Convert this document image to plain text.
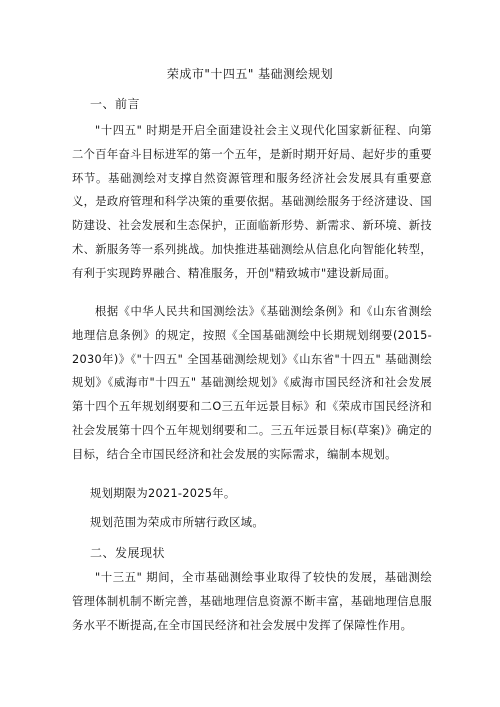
荣成市"十四五" 基础测绘规划
一、前言

"十四五" 时期是开启全面建设社会主义现代化国家新征程、向第二个百年奋斗目标进军的第一个五年，是新时期开好局、起好步的重要环节。基础测绘对支撑自然资源管理和服务经济社会发展具有重要意义，是政府管理和科学决策的重要依据。基础测绘服务于经济建设、国防建设、社会发展和生态保护，正面临新形势、新需求、新环境、新技术、新服务等一系列挑战。加快推进基础测绘从信息化向智能化转型，有利于实现跨界融合、精准服务，开创"精致城市"建设新局面。

根据《中华人民共和国测绘法》《基础测绘条例》和《山东省测绘地理信息条例》的规定，按照《全国基础测绘中长期规划纲要(2015-2030年)》《"十四五" 全国基础测绘规划》《山东省"十四五" 基础测绘规划》《威海市"十四五" 基础测绘规划》《威海市国民经济和社会发展第十四个五年规划纲要和二O三五年远景目标》和《荣成市国民经济和社会发展第十四个五年规划纲要和二。三五年远景目标(草案)》确定的目标，结合全市国民经济和社会发展的实际需求，编制本规划。

规划期限为2021-2025年。

规划范围为荣成市所辖行政区域。

二、发展现状

"十三五" 期间，全市基础测绘事业取得了较快的发展，基础测绘管理体制机制不断完善，基础地理信息资源不断丰富，基础地理信息服务水平不断提高,在全市国民经济和社会发展中发挥了保障性作用。
